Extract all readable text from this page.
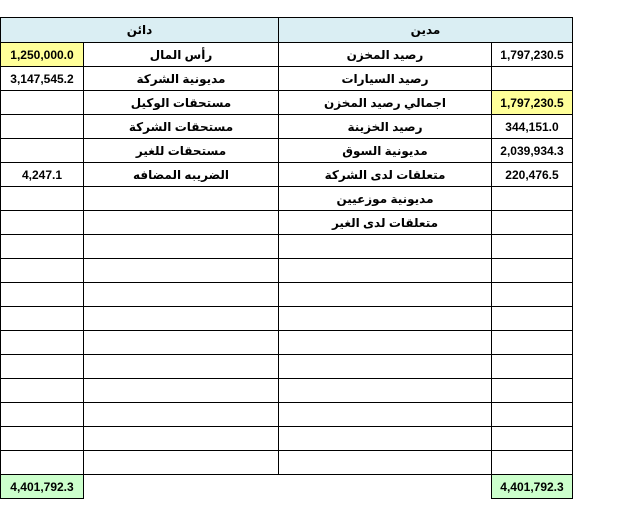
دائن		مدين	
1,250,000.0	رأس المال	رصيد المخزن	1,797,230.5
3,147,545.2	مديونية الشركة	رصيد السيارات	
	مستحقات الوكيل	اجمالي رصيد المخزن	1,797,230.5
	مستحقات الشركة	رصيد الخزينة	344,151.0
	مستحقات للغير	مديونية السوق	2,039,934.3
4,247.1	الضريبه المضافه	متعلقات لدى الشركة	220,476.5
		مديونية موزعيين	
		متعلقات لدى الغير	

4,401,792.3			4,401,792.3
